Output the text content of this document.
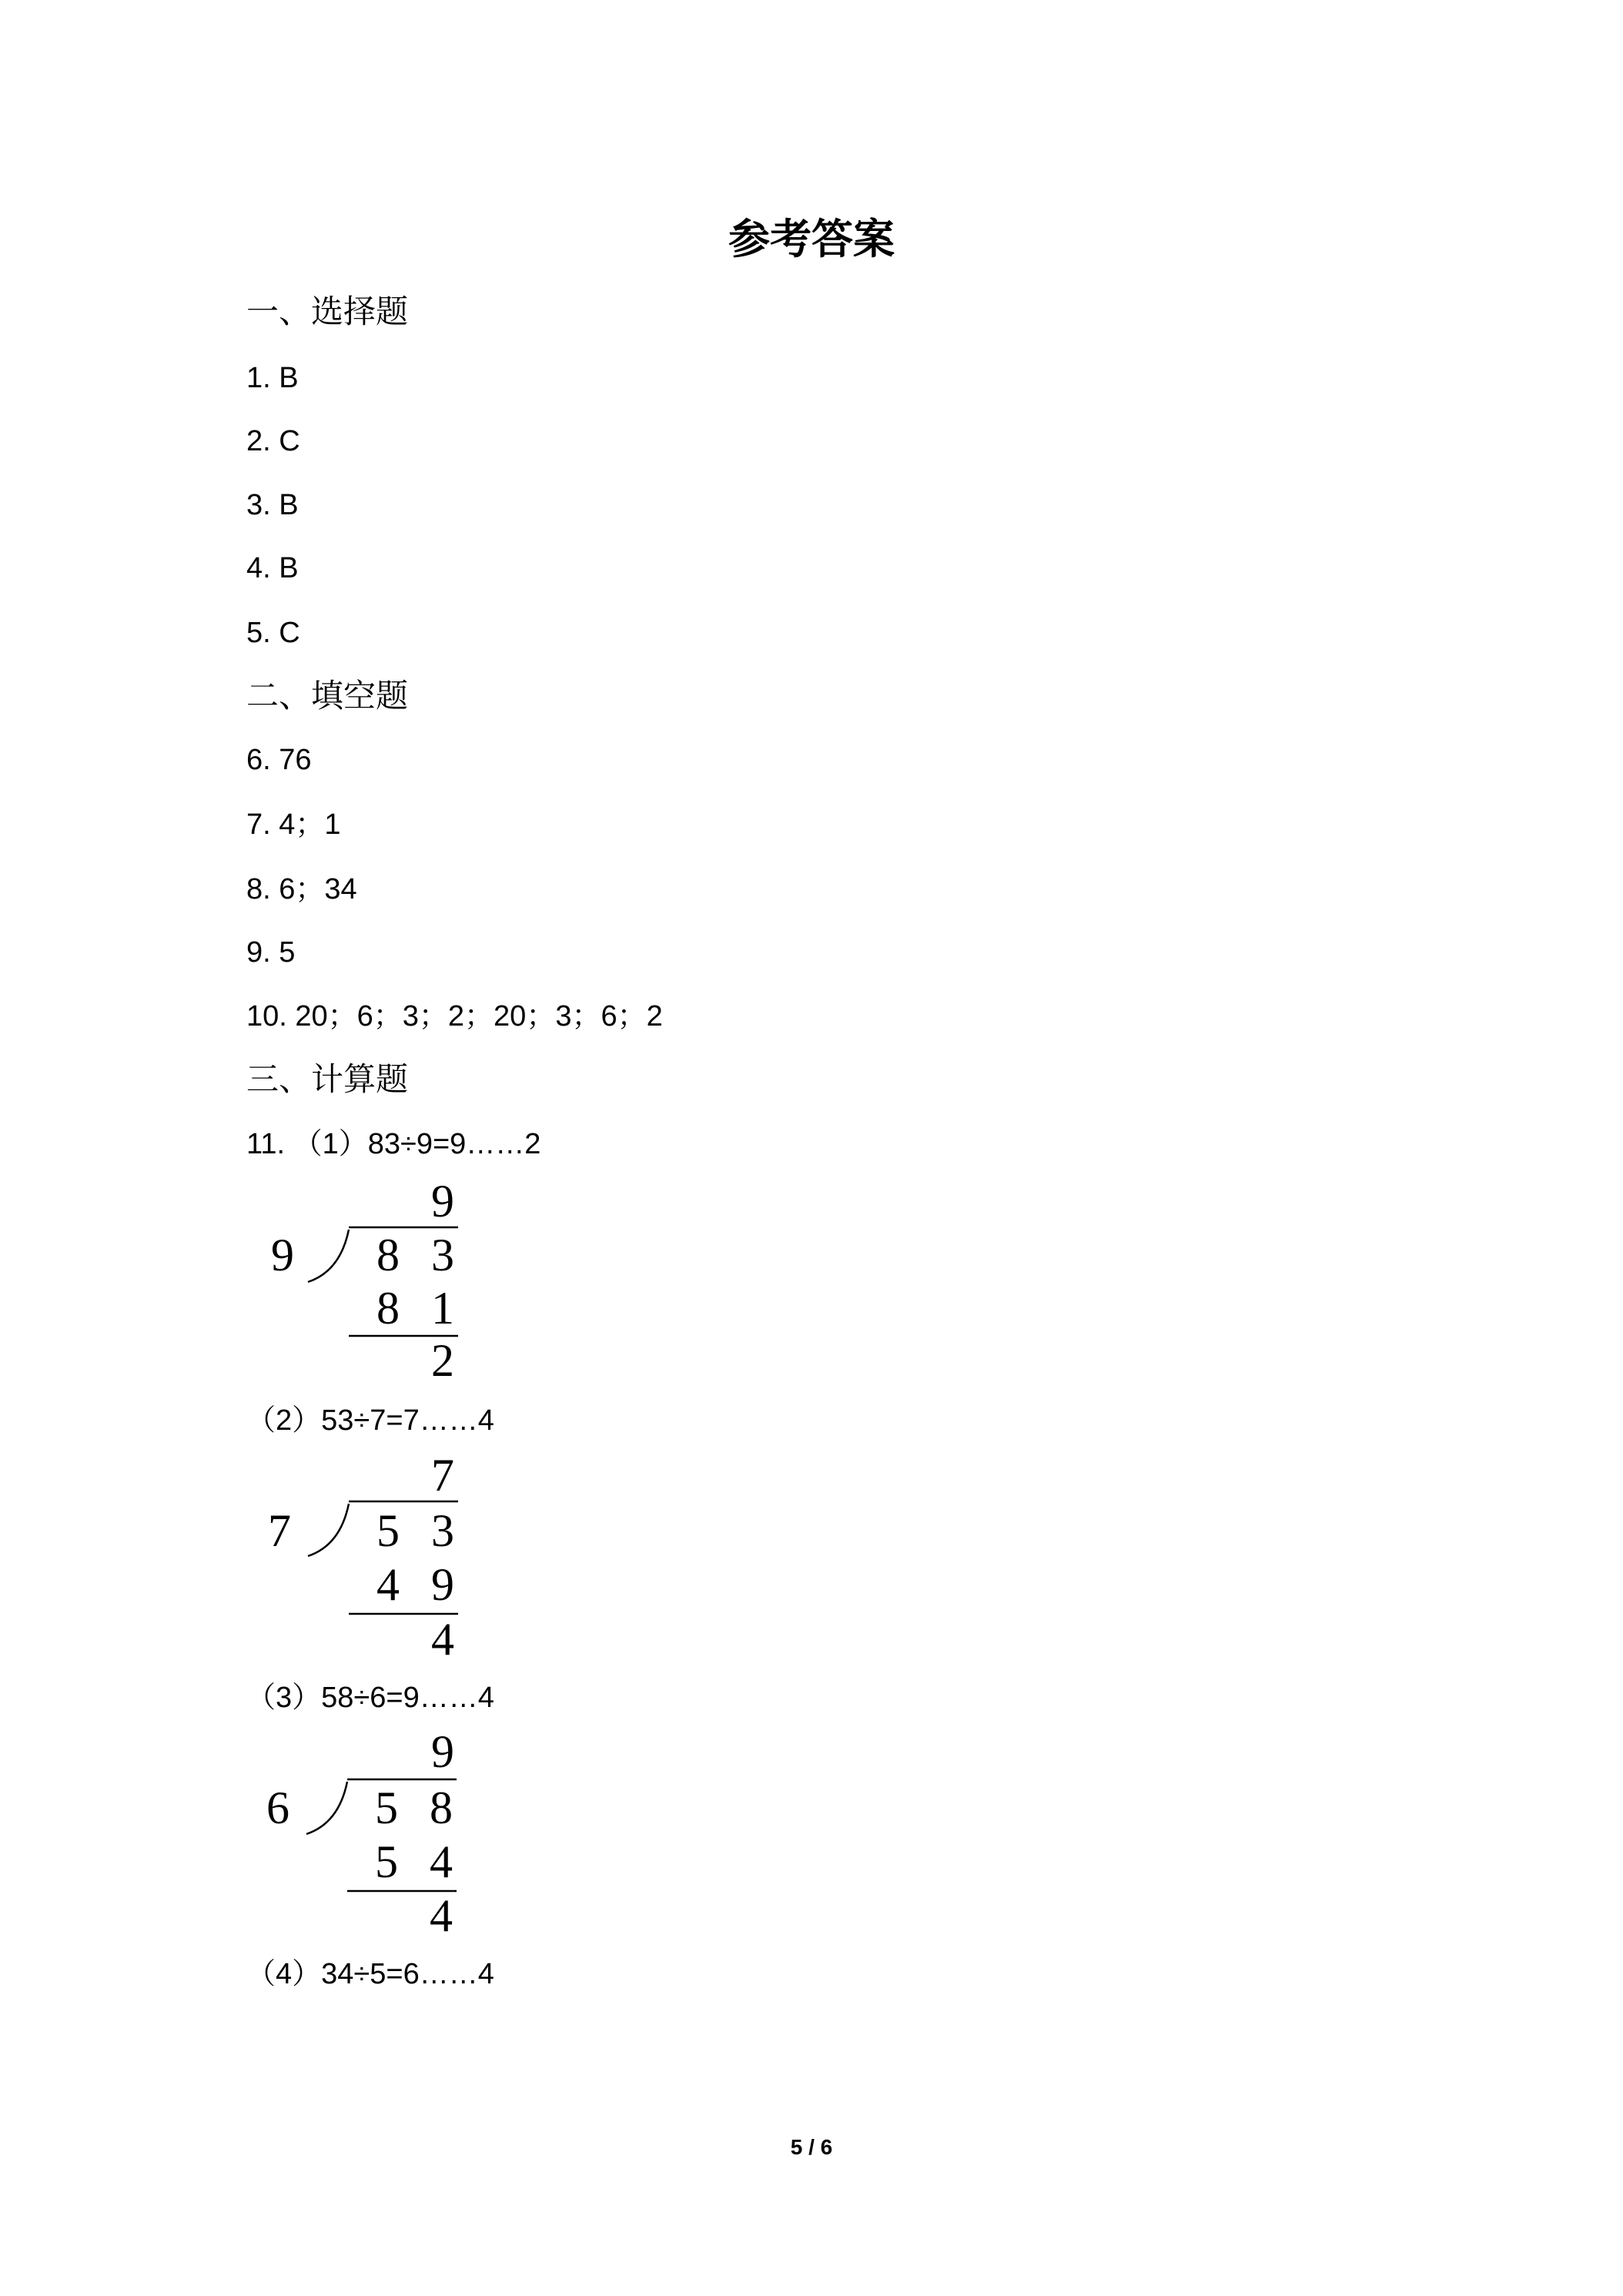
参考答案
一、选择题
1. B
2. C
3. B
4. B
5. C
二、填空题
6. 76
7. 4；1
8. 6；34
9. 5
10. 20；6；3；2；20；3；6；2
三、计算题
11. （1）83÷9=9……2
9
9 8 3
8 1
2
（2）53÷7=7……4
7
7 5 3
4 9
4
（3）58÷6=9……4
9
6 5 8
5 4
4
（4）34÷5=6……4
5 / 6
